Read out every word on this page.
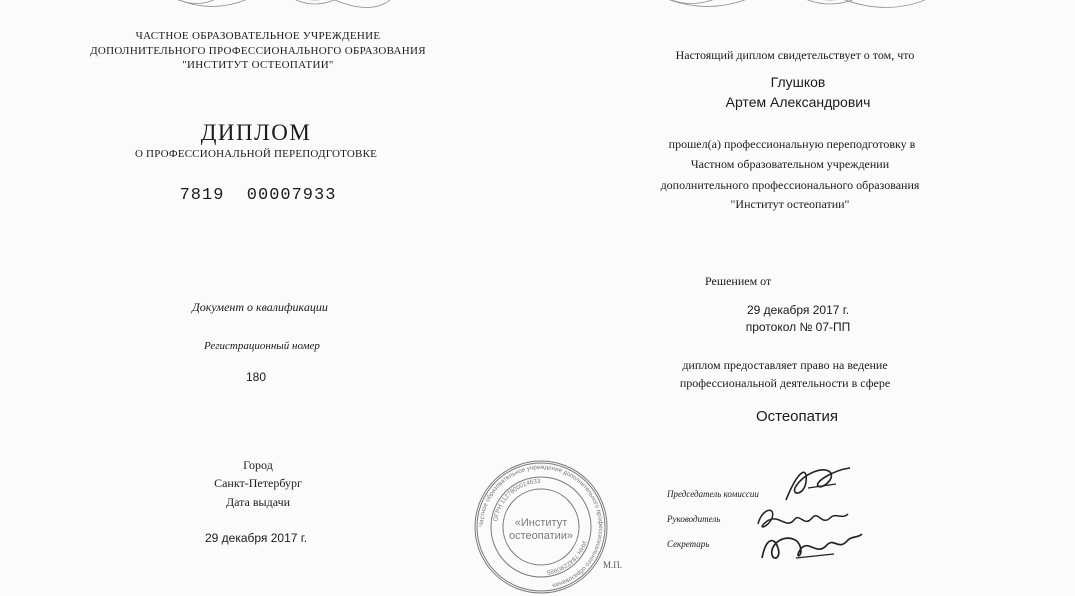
ЧАСТНОЕ ОБРАЗОВАТЕЛЬНОЕ УЧРЕЖДЕНИЕ
ДОПОЛНИТЕЛЬНОГО ПРОФЕССИОНАЛЬНОГО ОБРАЗОВАНИЯ
"ИНСТИТУТ ОСТЕОПАТИИ"
ДИПЛОМ
О ПРОФЕССИОНАЛЬНОЙ ПЕРЕПОДГОТОВКЕ
7819  00007933
Документ о квалификации
Регистрационный номер
180
Город
Санкт-Петербург
Дата выдачи
29 декабря 2017 г.
Частное образовательное учреждение дополнительного профессионального образования
ОГРН 1127800014633
ИНН 7842290985
«Институт
остеопатии»
М.П.
Настоящий диплом свидетельствует о том, что
Глушков
Артем Александрович
прошел(а) профессиональную переподготовку в
Частном образовательном учреждении
дополнительного профессионального образования
"Институт остеопатии"
Решением от
29 декабря 2017 г.
протокол № 07-ПП
диплом предоставляет право на ведение
профессиональной деятельности в сфере
Остеопатия
Председатель комиссии
Руководитель
Секретарь
